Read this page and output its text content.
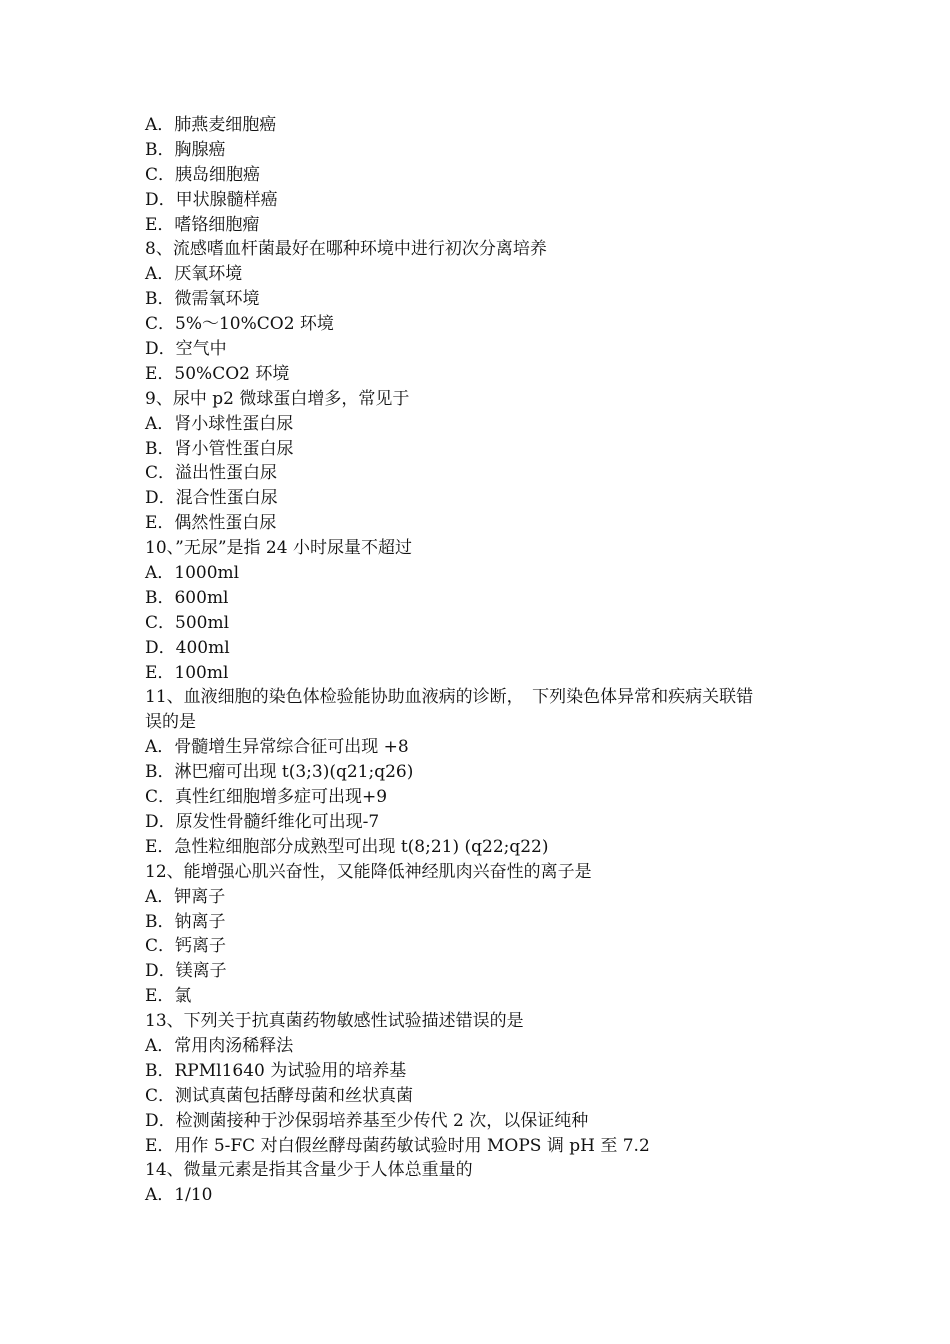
A．肺燕麦细胞癌
B．胸腺癌
C．胰岛细胞癌
D．甲状腺髓样癌
E．嗜铬细胞瘤
8、流感嗜血杆菌最好在哪种环境中进行初次分离培养
A．厌氧环境
B．微需氧环境
C．5%～10%CO2 环境
D．空气中
E．50%CO2 环境
9、尿中 p2 微球蛋白增多，常见于
A．肾小球性蛋白尿
B．肾小管性蛋白尿
C．溢出性蛋白尿
D．混合性蛋白尿
E．偶然性蛋白尿
10、”无尿”是指 24 小时尿量不超过
A．1000ml
B．600ml
C．500ml
D．400ml
E．100ml
11、血液细胞的染色体检验能协助血液病的诊断，　下列染色体异常和疾病关联错
误的是
A．骨髓增生异常综合征可出现 +8
B．淋巴瘤可出现 t(3;3)(q21;q26)
C．真性红细胞增多症可出现+9
D．原发性骨髓纤维化可出现-7
E．急性粒细胞部分成熟型可出现 t(8;21) (q22;q22)
12、能增强心肌兴奋性，又能降低神经肌肉兴奋性的离子是
A．钾离子
B．钠离子
C．钙离子
D．镁离子
E．氯
13、下列关于抗真菌药物敏感性试验描述错误的是
A．常用肉汤稀释法
B．RPMl1640 为试验用的培养基
C．测试真菌包括酵母菌和丝状真菌
D．检测菌接种于沙保弱培养基至少传代 2 次，以保证纯种
E．用作 5-FC 对白假丝酵母菌药敏试验时用 MOPS 调 pH 至 7.2
14、微量元素是指其含量少于人体总重量的
A．1/10
